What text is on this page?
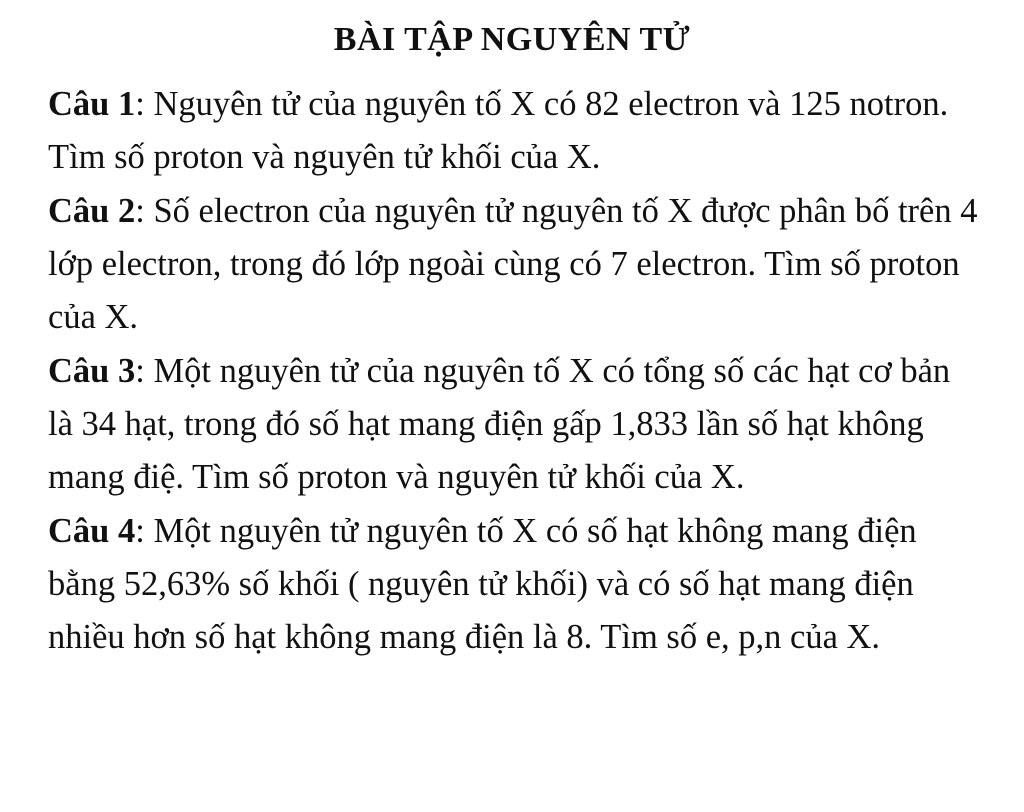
BÀI TẬP NGUYÊN TỬ

Câu 1: Nguyên tử của nguyên tố X có 82 electron và 125 notron. Tìm số proton và nguyên tử khối của X.

Câu 2: Số electron của nguyên tử nguyên tố X được phân bố trên 4 lớp electron, trong đó lớp ngoài cùng có 7 electron. Tìm số proton của X.

Câu 3: Một nguyên tử của nguyên tố X có tổng số các hạt cơ bản là 34 hạt, trong đó số hạt mang điện gấp 1,833 lần số hạt không mang điệ. Tìm số proton và nguyên tử khối của X.

Câu 4: Một nguyên tử nguyên tố X có số hạt không mang điện bằng 52,63% số khối ( nguyên tử khối) và có số hạt mang điện nhiều hơn số hạt không mang điện là 8. Tìm số e, p,n của X.
